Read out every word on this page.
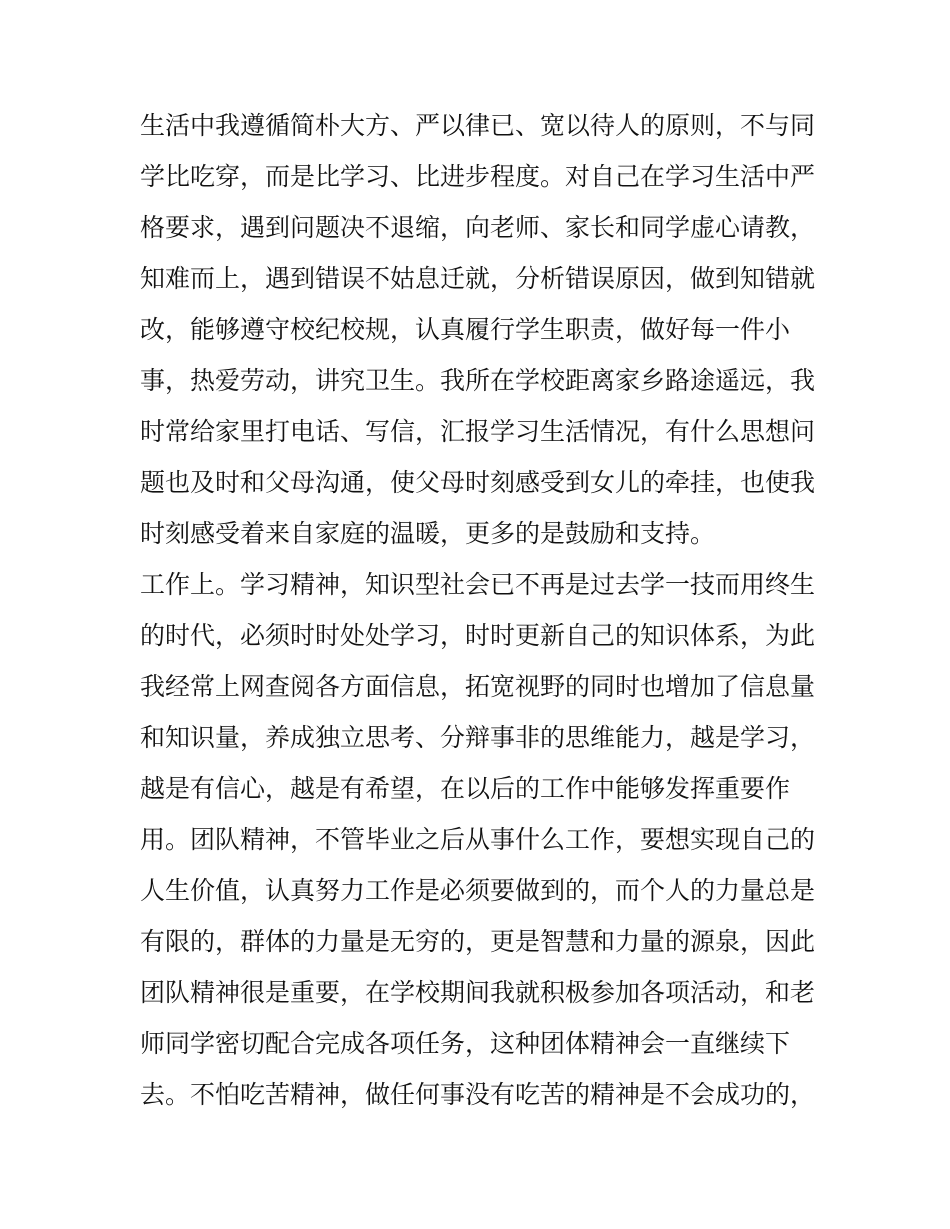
生活中我遵循简朴大方、严以律已、宽以待人的原则，不与同
学比吃穿，而是比学习、比进步程度。对自己在学习生活中严
格要求，遇到问题决不退缩，向老师、家长和同学虚心请教，
知难而上，遇到错误不姑息迁就，分析错误原因，做到知错就
改，能够遵守校纪校规，认真履行学生职责，做好每一件小
事，热爱劳动，讲究卫生。我所在学校距离家乡路途遥远，我
时常给家里打电话、写信，汇报学习生活情况，有什么思想问
题也及时和父母沟通，使父母时刻感受到女儿的牵挂，也使我
时刻感受着来自家庭的温暖，更多的是鼓励和支持。
工作上。学习精神，知识型社会已不再是过去学一技而用终生
的时代，必须时时处处学习，时时更新自己的知识体系，为此
我经常上网查阅各方面信息，拓宽视野的同时也增加了信息量
和知识量，养成独立思考、分辩事非的思维能力，越是学习，
越是有信心，越是有希望，在以后的工作中能够发挥重要作
用。团队精神，不管毕业之后从事什么工作，要想实现自己的
人生价值，认真努力工作是必须要做到的，而个人的力量总是
有限的，群体的力量是无穷的，更是智慧和力量的源泉，因此
团队精神很是重要，在学校期间我就积极参加各项活动，和老
师同学密切配合完成各项任务，这种团体精神会一直继续下
去。不怕吃苦精神，做任何事没有吃苦的精神是不会成功的，
